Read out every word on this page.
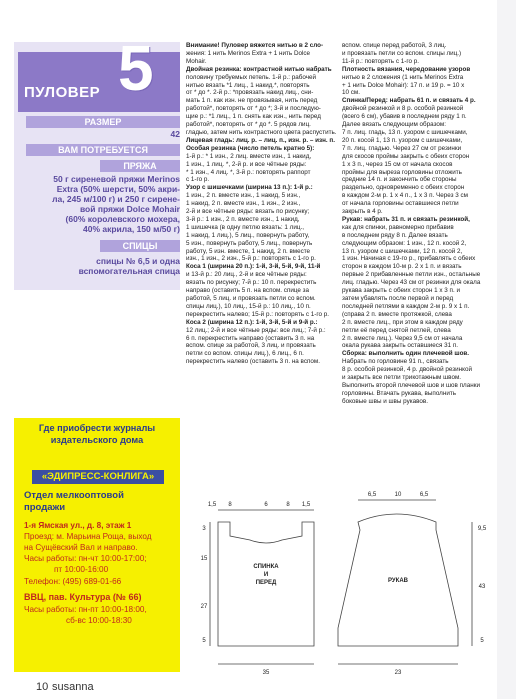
ПУЛОВЕР 5
РАЗМЕР
42
ВАМ ПОТРЕБУЕТСЯ
ПРЯЖА
50 г сиреневой пряжи Merinos
Extra (50% шерсти, 50% акри-
ла, 245 м/100 г) и 250 г сирене-
вой пряжи Dolce Mohair
(60% королевского мохера,
40% акрила, 150 м/50 г)
СПИЦЫ
спицы № 6,5 и одна
вспомогательная спица
Где приобрести журналы
издательского дома
«ЭДИПРЕСС-КОНЛИГА»
Отдел мелкооптовой
продажи
1-я Ямская ул., д. 8, этаж 1
Проезд: м. Марьина Роща, выход
на Сущёвский Вал и направо.
Часы работы: пн-чт 10:00-17:00;
пт 10:00-16:00
Телефон: (495) 689-01-66
ВВЦ, пав. Культура (№ 66)
Часы работы: пн-пт 10:00-18:00,
сб-вс 10:00-18:30
Внимание! Пуловер вяжется нитью в 2 сло-
жения: 1 нить Merinos Extra + 1 нить Dolce
Mohair.
Двойная резинка: контрастной нитью набрать
половину требуемых петель. 1-й р.: рабочей
нитью вязать *1 лиц., 1 накид.*, повторять
от * до *. 2-й р.: *провязать накид лиц., сни-
мать 1 п. как изн. не провязывая, нить перед
работой*, повторять от * до *; 3-й и последую-
щие р.: *1 лиц., 1 п. снять как изн., нить перед
работой*, повторять от * до *. 5 рядов лиц.
гладью, затем нить контрастного цвета распустить.
Лицевая гладь: лиц. р. – лиц. п., изн. р. – изн. п.
Особая резинка (число петель кратно 5):
1-й р.: * 1 изн., 2 лиц. вместе изн., 1 накид,
1 изн., 1 лиц. *, 2-й р. и все чётные ряды:
* 1 изн., 4 лиц. *, 3-й р.: повторять раппорт
с 1-го р.
Узор с шишечками (ширина 13 п.): 1-й р.:
1 изн., 2 п. вместе изн., 1 накид, 5 изн.,
1 накид, 2 п. вместе изн., 1 изн., 2 изн.,
2-й и все чётные ряды: вязать по рисунку;
3-й р.: 1 изн., 2 п. вместе изн., 1 накид,
1 шишечка (в одну петлю вязать: 1 лиц.,
1 накид, 1 лиц.), 5 лиц., повернуть работу,
5 изн., повернуть работу, 5 лиц., повернуть
работу, 5 изн. вместе, 1 накид, 2 п. вместе
изн., 1 изн., 2 изн., 5-й р.: повторять с 1-го р.
Коса 1 (ширина 20 п.): 1-й, 3-й, 5-й, 9-й, 11-й
и 13-й р.: 20 лиц., 2-й и все чётные ряды:
вязать по рисунку; 7-й р.: 10 п. перекрестить
направо (оставить 5 п. на вспом. спице за
работой, 5 лиц. и провязать петли со вспом.
спицы лиц.), 10 лиц., 15-й р.: 10 лиц., 10 п.
перекрестить налево; 15-й р.: повторять с 1-го р.
Коса 2 (ширина 12 п.): 1-й, 3-й, 5-й и 9-й р.:
12 лиц.; 2-й и все чётные ряды: все лиц.; 7-й р.:
6 п. перекрестить направо (оставить 3 п. на
вспом. спице за работой, 3 лиц. и провязать
петли со вспом. спицы лиц.), 6 лиц., 6 п.
перекрестить налево (оставить 3 п. на вспом.
вспом. спице перед работой, 3 лиц.
и провязать петли со вспом. спицы лиц.)
11-й р.: повторять с 1-го р.
Плотность вязания, чередование узоров
нитью в 2 сложения (1 нить Merinos Extra
+ 1 нить Dolce Mohair): 17 п. и 19 р. = 10 х
10 см.
Спинка/Перед: набрать 61 п. и связать 4 р.
двойной резинкой и 8 р. особой резинкой
(всего 6 см), убавив в последнем ряду 1 п.
Далее вязать следующим образом:
7 п. лиц. гладь, 13 п. узором с шишечками,
20 п. косой 1, 13 п. узором с шишечками,
7 п. лиц. гладью. Через 27 см от резинки
для скосов проймы закрыть с обеих сторон
1 х 3 п., через 15 см от начала скосов
проймы для выреза горловины отложить
средние 14 п. и закончить обе стороны
раздельно, одновременно с обеих сторон
в каждом 2-м р. 1 х 4 п., 1 х 3 п. Через 3 см
от начала горловины оставшиеся петли
закрыть в 4 р.
Рукав: набрать 31 п. и связать резинкой,
как для спинки, равномерно прибавив
в последнем ряду 8 п. Далее вязать
следующим образом: 1 изн., 12 п. косой 2,
13 п. узором с шишечками, 12 п. косой 2,
1 изн. Начиная с 19-го р., прибавлять с обеих
сторон в каждом 10-м р. 2 х 1 п. и вязать
первые 2 прибавленные петли изн., остальные
лиц. гладью. Через 43 см от резинки для окала
рукава закрыть с обеих сторон 1 х 3 п. и
затем убавлять после первой и перед
последней петлями в каждом 2-м р. 9 х 1 п.
(справа 2 п. вместе протяжкой, слева
2 п. вместе лиц., при этом в каждом ряду
петли её перед снятой петлей, слева
2 п. вместе лиц.). Через 9,5 см от начала
окала рукава закрыть оставшиеся 31 п.
Сборка: выполнить один плечевой шов.
Набрать по горловине 91 п., связать
8 р. особой резинкой, 4 р. двойной резинкой
и закрыть все петли трикотажным швом.
Выполнить второй плечевой шов и шов планки
горловины. Втачать рукава, выполнить
боковые швы и швы рукавов.
СПИНКА
И
ПЕРЕД	РУКАВ
1,5 8	6	8 1,5
3
15
27
5
35
6,5	10	6,5
9,5
43
5
23
10 susanna
